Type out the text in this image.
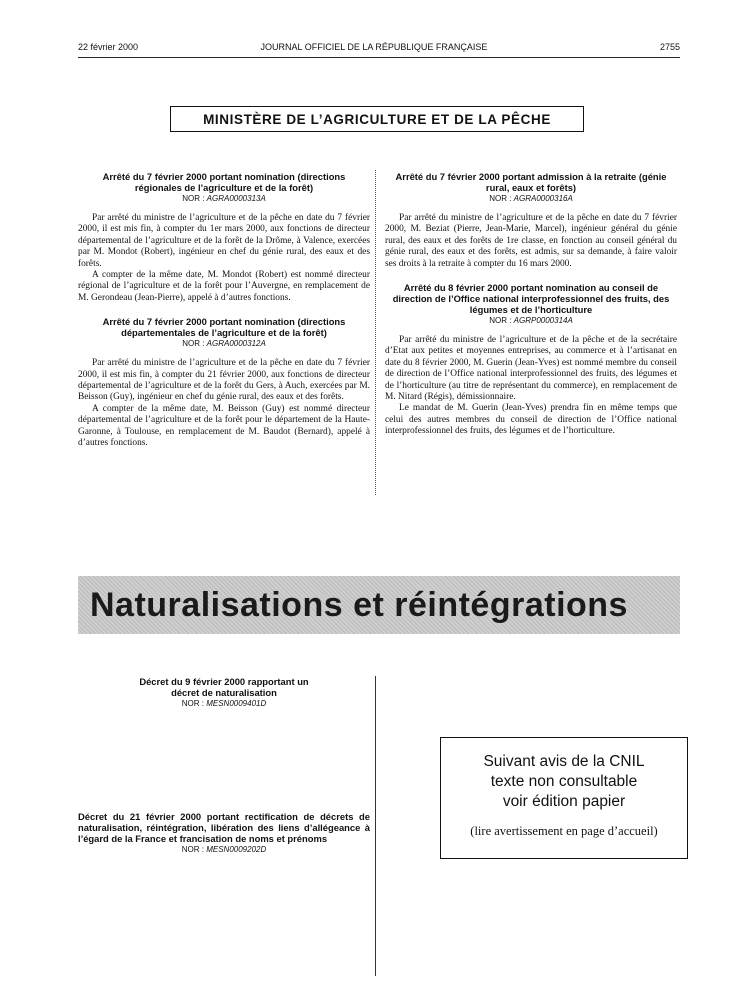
22 février 2000	JOURNAL OFFICIEL DE LA RÉPUBLIQUE FRANÇAISE	2755
MINISTÈRE DE L’AGRICULTURE ET DE LA PÊCHE

Arrêté du 7 février 2000 portant nomination (directions régionales de l’agriculture et de la forêt)

NOR : AGRA0000313A

Par arrêté du ministre de l’agriculture et de la pêche en date du 7 février 2000, il est mis fin, à compter du 1er mars 2000, aux fonctions de directeur départemental de l’agriculture et de la forêt de la Drôme, à Valence, exercées par M. Mondot (Robert), ingénieur en chef du génie rural, des eaux et des forêts.

A compter de la même date, M. Mondot (Robert) est nommé directeur régional de l’agriculture et de la forêt pour l’Auvergne, en remplacement de M. Gerondeau (Jean-Pierre), appelé à d’autres fonctions.

Arrêté du 7 février 2000 portant nomination (directions départementales de l’agriculture et de la forêt)

NOR : AGRA0000312A

Par arrêté du ministre de l’agriculture et de la pêche en date du 7 février 2000, il est mis fin, à compter du 21 février 2000, aux fonctions de directeur départemental de l’agriculture et de la forêt du Gers, à Auch, exercées par M. Beisson (Guy), ingénieur en chef du génie rural, des eaux et des forêts.

A compter de la même date, M. Beisson (Guy) est nommé directeur départemental de l’agriculture et de la forêt pour le département de la Haute-Garonne, à Toulouse, en remplacement de M. Baudot (Bernard), appelé à d’autres fonctions.

Arrêté du 7 février 2000 portant admission à la retraite (génie rural, eaux et forêts)

NOR : AGRA0000316A

Par arrêté du ministre de l’agriculture et de la pêche en date du 7 février 2000, M. Beziat (Pierre, Jean-Marie, Marcel), ingénieur général du génie rural, des eaux et des forêts de 1re classe, en fonction au conseil général du génie rural, des eaux et des forêts, est admis, sur sa demande, à faire valoir ses droits à la retraite à compter du 16 mars 2000.

Arrêté du 8 février 2000 portant nomination au conseil de direction de l’Office national interprofessionnel des fruits, des légumes et de l’horticulture

NOR : AGRP0000314A

Par arrêté du ministre de l’agriculture et de la pêche et de la secrétaire d’Etat aux petites et moyennes entreprises, au commerce et à l’artisanat en date du 8 février 2000, M. Guerin (Jean-Yves) est nommé membre du conseil de direction de l’Office national interprofessionnel des fruits, des légumes et de l’horticulture (au titre de représentant du commerce), en remplacement de M. Nitard (Régis), démissionnaire.

Le mandat de M. Guerin (Jean-Yves) prendra fin en même temps que celui des autres membres du conseil de direction de l’Office national interprofessionnel des fruits, des légumes et de l’horticulture.

Naturalisations et réintégrations

Décret du 9 février 2000 rapportant un décret de naturalisation

NOR : MESN0009401D

Décret du 21 février 2000 portant rectification de décrets de naturalisation, réintégration, libération des liens d’allégeance à l’égard de la France et francisation de noms et prénoms

NOR : MESN0009202D

Suivant avis de la CNIL
texte non consultable
voir édition papier
(lire avertissement en page d’accueil)
